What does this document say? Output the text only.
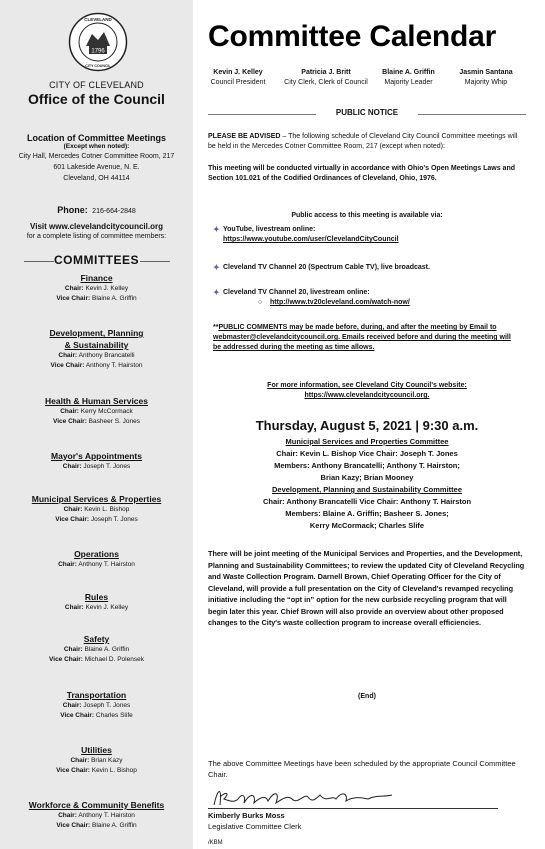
1796
CLEVELAND
CITY COUNCIL
CITY OF CLEVELAND
Office of the Council
Location of Committee Meetings
(Except when noted):
City Hall, Mercedes Cotner Committee Room, 217
601 Lakeside Avenue, N. E.
Cleveland, OH 44114
Phone: 216-664-2848
Visit www.clevelandcitycouncil.org
for a complete listing of committee members:
COMMITTEES
Finance
Chair: Kevin J. Kelley
Vice Chair: Blaine A. Griffin
Development, Planning
& Sustainability
Chair: Anthony Brancatelli
Vice Chair: Anthony T. Hairston
Health & Human Services
Chair: Kerry McCormack
Vice Chair: Basheer S. Jones
Mayor's Appointments
Chair: Joseph T. Jones
Municipal Services & Properties
Chair: Kevin L. Bishop
Vice Chair: Joseph T. Jones
Operations
Chair: Anthony T. Hairston
Rules
Chair: Kevin J. Kelley
Safety
Chair: Blaine A. Griffin
Vice Chair: Michael D. Polensek
Transportation
Chair: Joseph T. Jones
Vice Chair: Charles Slife
Utilities
Chair: Brian Kazy
Vice Chair: Kevin L. Bishop
Workforce & Community Benefits
Chair: Anthony T. Hairston
Vice Chair: Blaine A. Griffin
Committee Calendar
Kevin J. Kelley
Council President
Patricia J. Britt
City Clerk, Clerk of Council
Blaine A. Griffin
Majority Leader
Jasmin Santana
Majority Whip
PUBLIC NOTICE
PLEASE BE ADVISED – The following schedule of Cleveland City Council Committee meetings will be held in the Mercedes Cotner Committee Room, 217 (except when noted):
This meeting will be conducted virtually in accordance with Ohio's Open Meetings Laws and Section 101.021 of the Codified Ordinances of Cleveland, Ohio, 1976.
Public access to this meeting is available via:
✦ YouTube, livestream online:
https://www.youtube.com/user/ClevelandCityCouncil
✦ Cleveland TV Channel 20 (Spectrum Cable TV), live broadcast.
✦ Cleveland TV Channel 20, livestream online:
○ http://www.tv20cleveland.com/watch-now/
**PUBLIC COMMENTS may be made before, during, and after the meeting by Email to webmaster@clevelandcitycouncil.org. Emails received before and during the meeting will be addressed during the meeting as time allows.
For more information, see Cleveland City Council's website:
https://www.clevelandcitycouncil.org.
Thursday, August 5, 2021 | 9:30 a.m.
Municipal Services and Properties Committee
Chair: Kevin L. Bishop Vice Chair: Joseph T. Jones
Members: Anthony Brancatelli; Anthony T. Hairston;
Brian Kazy; Brian Mooney
Development, Planning and Sustainability Committee
Chair: Anthony Brancatelli Vice Chair: Anthony T. Hairston
Members: Blaine A. Griffin; Basheer S. Jones;
Kerry McCormack; Charles Slife
There will be joint meeting of the Municipal Services and Properties, and the Development, Planning and Sustainability Committees; to review the updated City of Cleveland Recycling and Waste Collection Program. Darnell Brown, Chief Operating Officer for the City of Cleveland, will provide a full presentation on the City of Cleveland's revamped recycling initiative including the “opt in” option for the new curbside recycling program that will begin later this year. Chief Brown will also provide an overview about other proposed changes to the City's waste collection program to increase overall efficiencies.
(End)
The above Committee Meetings have been scheduled by the appropriate Council Committee Chair.
Kimberly Burks Moss
Legislative Committee Clerk
/KBM
